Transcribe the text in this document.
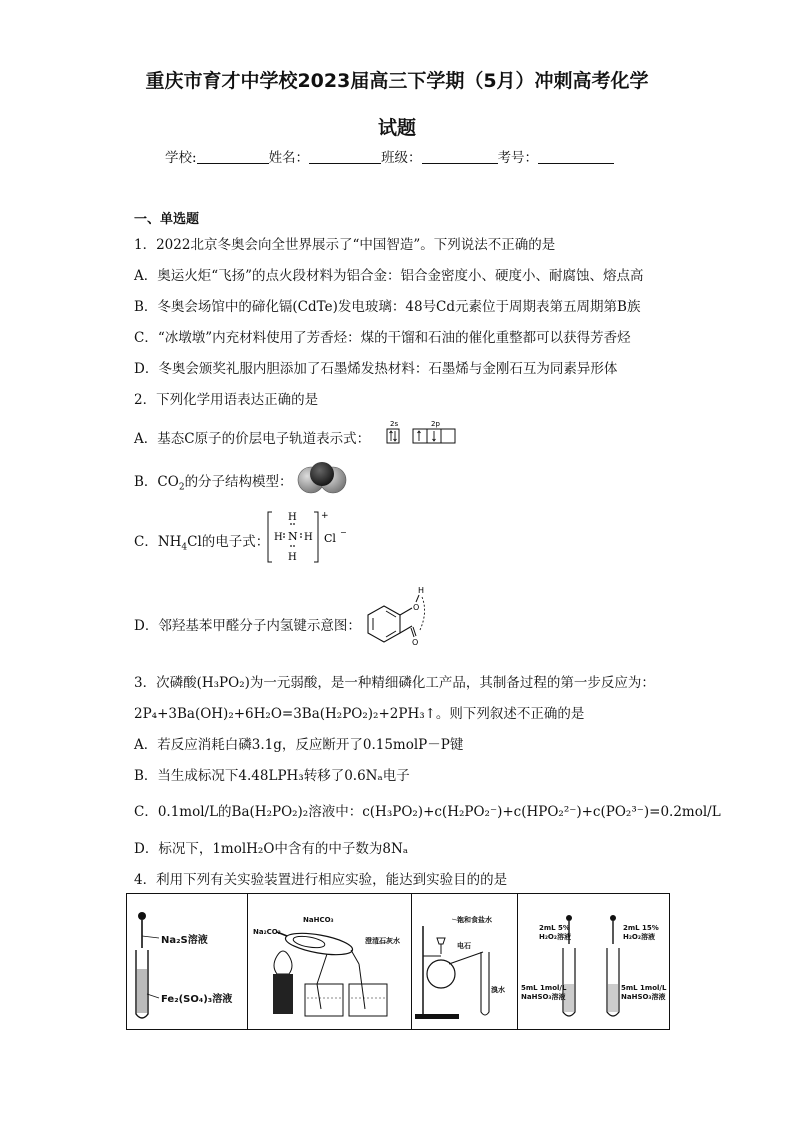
重庆市育才中学校2023届高三下学期（5月）冲刺高考化学
试题
学校:	姓名：	班级：	考号：
一、单选题
1．2022北京冬奥会向全世界展示了“中国智造”。下列说法不正确的是
A．奥运火炬“飞扬”的点火段材料为铝合金：铝合金密度小、硬度小、耐腐蚀、熔点高
B．冬奥会场馆中的碲化镉(CdTe)发电玻璃：48号Cd元素位于周期表第五周期第B族
C．“冰墩墩”内充材料使用了芳香烃：煤的干馏和石油的催化重整都可以获得芳香烃
D．冬奥会颁奖礼服内胆添加了石墨烯发热材料：石墨烯与金刚石互为同素异形体
2．下列化学用语表达正确的是
A．基态C原子的价层电子轨道表示式：
2s	2p
B．$CO_2$的分子结构模型：
C．$NH_4Cl$的电子式：
+
H
N
H H
H
Cl −
D．邻羟基苯甲醛分子内氢键示意图：
O
H
O
3．次磷酸(H₃PO₂)为一元弱酸，是一种精细磷化工产品，其制备过程的第一步反应为：
2P₄+3Ba(OH)₂+6H₂O=3Ba(H₂PO₂)₂+2PH₃↑。则下列叙述不正确的是
A．若反应消耗白磷3.1g，反应断开了0.15molP－P键
B．当生成标况下4.48LPH₃转移了0.6Nₐ电子
C．0.1mol/L的Ba(H₂PO₂)₂溶液中：c(H₃PO₂)+c(H₂PO₂⁻)+c(HPO₂²⁻)+c(PO₂³⁻)=0.2mol/L
D．标况下，1molH₂O中含有的中子数为8Nₐ
4．利用下列有关实验装置进行相应实验，能达到实验目的的是
Na₂S溶液
Fe₂(SO₄)₃溶液
Na₂CO₃
NaHCO₃
澄清石灰水
饱和食盐水
电石
溴水
2mL 5%
H₂O₂溶液
2mL 15%
H₂O₂溶液
5mL 1mol/L
NaHSO₃溶液
5mL 1mol/L
NaHSO₃溶液
